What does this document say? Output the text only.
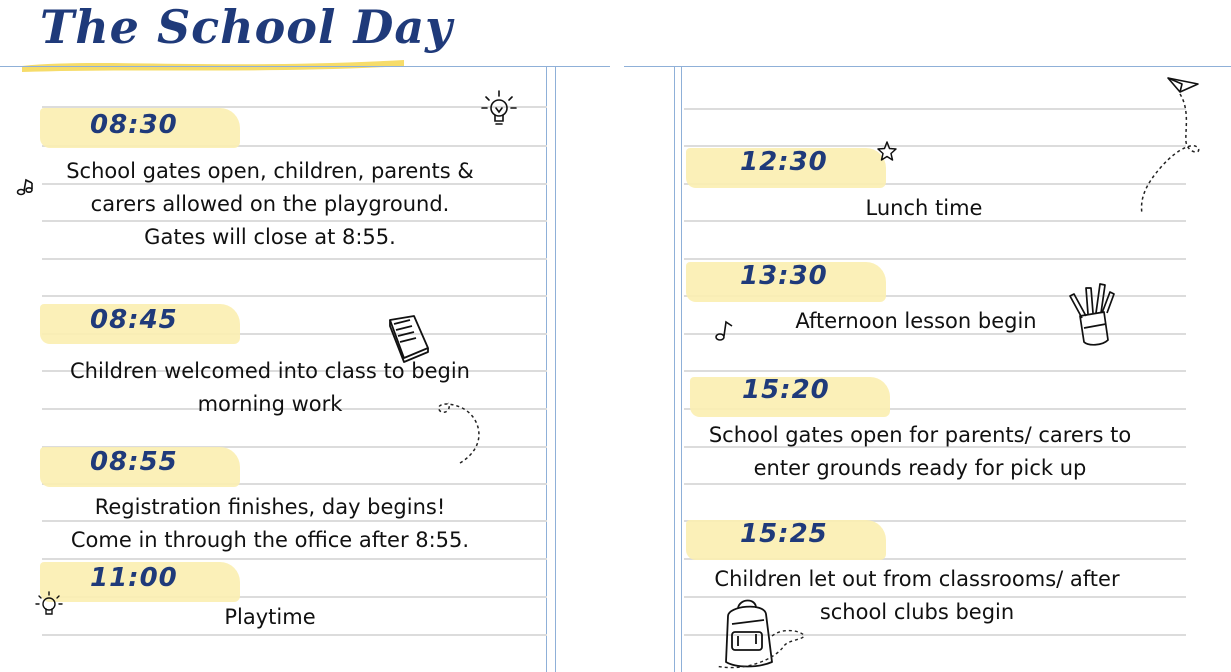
The School Day
08:30
School gates open, children, parents &
carers allowed on the playground.
Gates will close at 8:55.
08:45
Children welcomed into class to begin
morning work
08:55
Registration finishes, day begins!
Come in through the office after 8:55.
11:00
Playtime
12:30
Lunch time
13:30
Afternoon lesson begin
15:20
School gates open for parents/ carers to
enter grounds ready for pick up
15:25
Children let out from classrooms/ after
school clubs begin
